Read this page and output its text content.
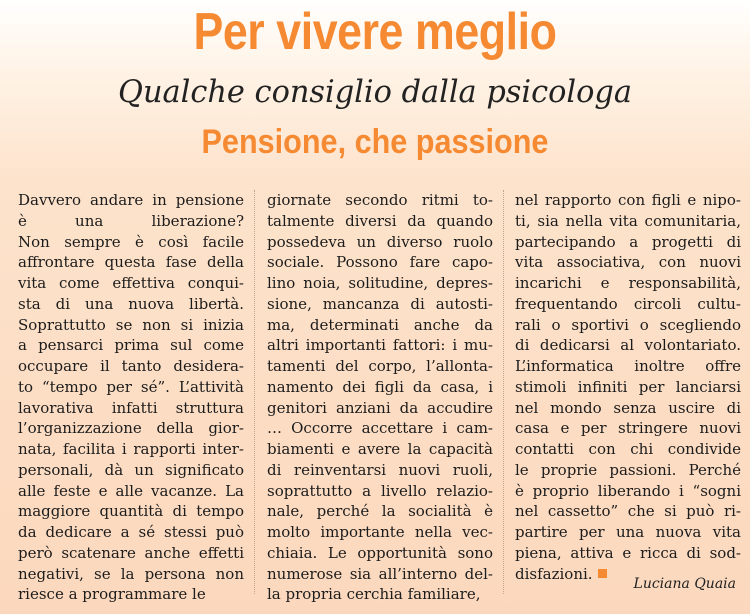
Per vivere meglio
Qualche consiglio dalla psicologa
Pensione, che passione
Davvero andare in pensione
è una liberazione?
Non sempre è così facile
affrontare questa fase della
vita come effettiva conqui-
sta di una nuova libertà.
Soprattutto se non si inizia
a pensarci prima sul come
occupare il tanto desidera-
to “tempo per sé”. L’attività
lavorativa infatti struttura
l’organizzazione della gior-
nata, facilita i rapporti inter-
personali, dà un significato
alle feste e alle vacanze. La
maggiore quantità di tempo
da dedicare a sé stessi può
però scatenare anche effetti
negativi, se la persona non
riesce a programmare le
giornate secondo ritmi to-
talmente diversi da quando
possedeva un diverso ruolo
sociale. Possono fare capo-
lino noia, solitudine, depres-
sione, mancanza di autosti-
ma, determinati anche da
altri importanti fattori: i mu-
tamenti del corpo, l’allonta-
namento dei figli da casa, i
genitori anziani da accudire
… Occorre accettare i cam-
biamenti e avere la capacità
di reinventarsi nuovi ruoli,
soprattutto a livello relazio-
nale, perché la socialità è
molto importante nella vec-
chiaia. Le opportunità sono
numerose sia all’interno del-
la propria cerchia familiare,
nel rapporto con figli e nipo-
ti, sia nella vita comunitaria,
partecipando a progetti di
vita associativa, con nuovi
incarichi e responsabilità,
frequentando circoli cultu-
rali o sportivi o scegliendo
di dedicarsi al volontariato.
L’informatica inoltre offre
stimoli infiniti per lanciarsi
nel mondo senza uscire di
casa e per stringere nuovi
contatti con chi condivide
le proprie passioni. Perché
è proprio liberando i “sogni
nel cassetto” che si può ri-
partire per una nuova vita
piena, attiva e ricca di sod-
disfazioni.
Luciana Quaia
